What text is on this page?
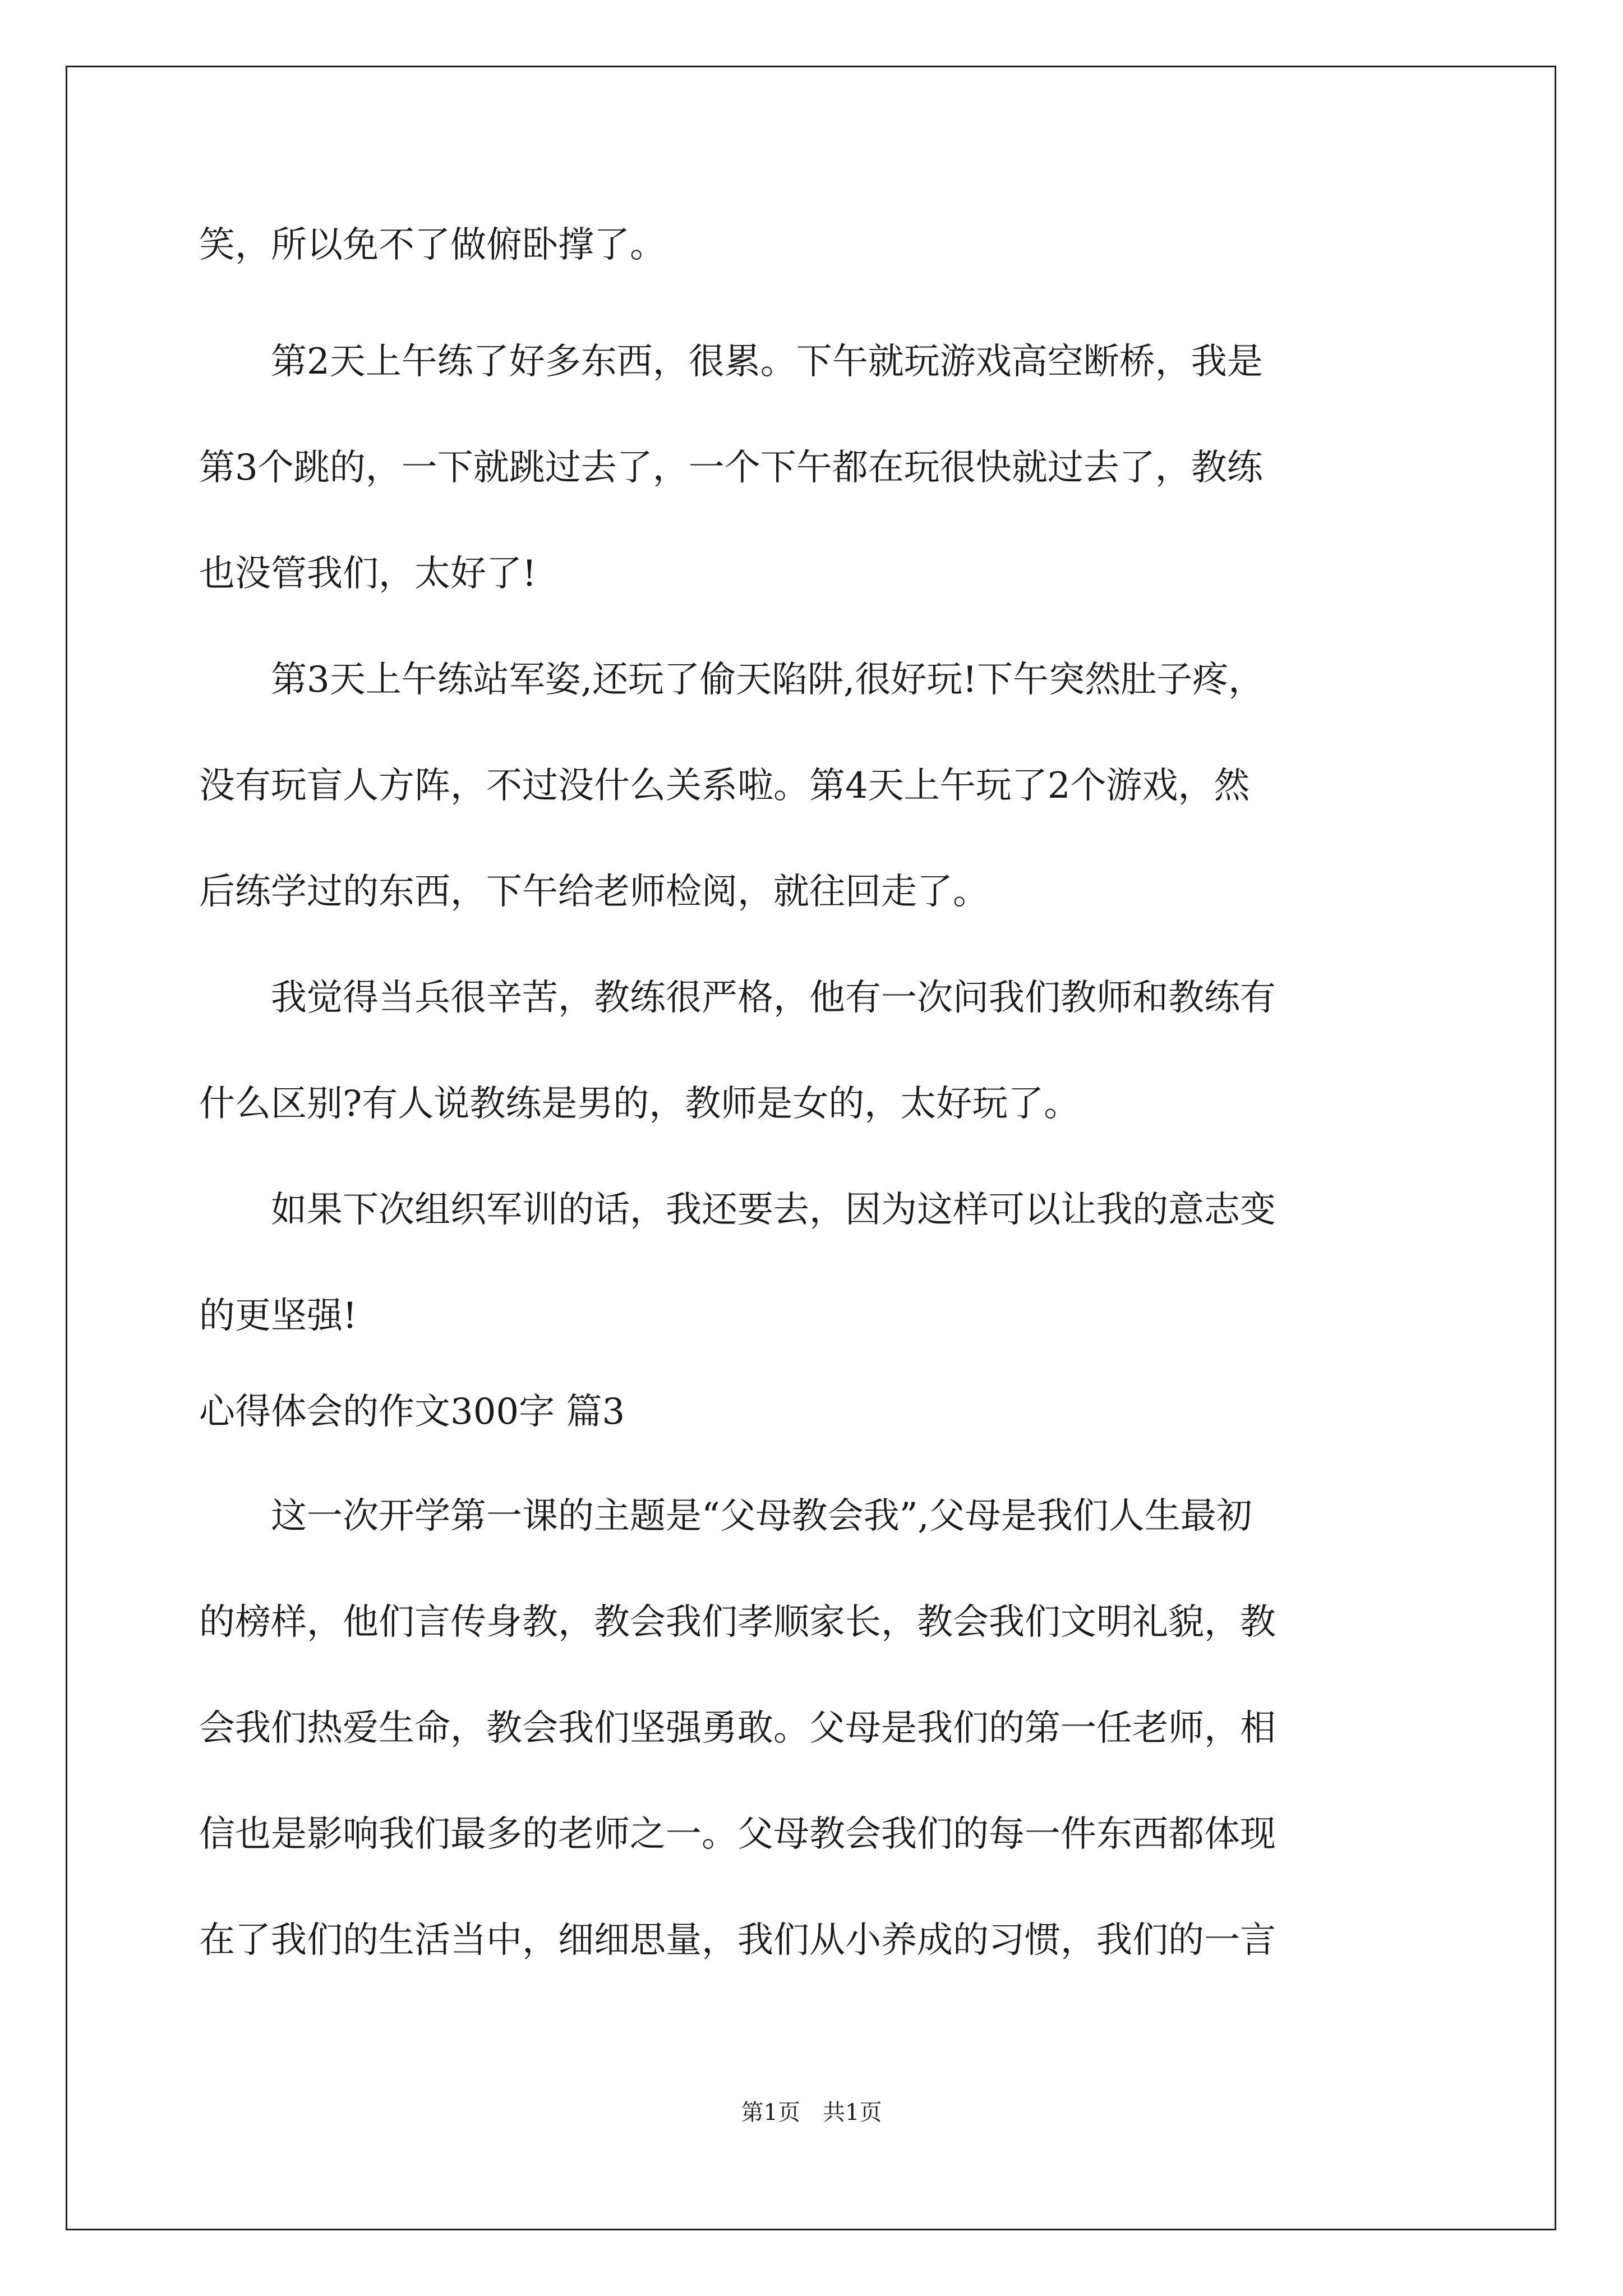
笑，所以免不了做俯卧撑了。
　　第2天上午练了好多东西，很累。下午就玩游戏高空断桥，我是
第3个跳的，一下就跳过去了，一个下午都在玩很快就过去了，教练
也没管我们，太好了!
　　第3天上午练站军姿,还玩了偷天陷阱,很好玩!下午突然肚子疼，
没有玩盲人方阵，不过没什么关系啦。第4天上午玩了2个游戏，然
后练学过的东西，下午给老师检阅，就往回走了。
　　我觉得当兵很辛苦，教练很严格，他有一次问我们教师和教练有
什么区别?有人说教练是男的，教师是女的，太好玩了。
　　如果下次组织军训的话，我还要去，因为这样可以让我的意志变
的更坚强!
心得体会的作文300字 篇3
　　这一次开学第一课的主题是“父母教会我”,父母是我们人生最初
的榜样，他们言传身教，教会我们孝顺家长，教会我们文明礼貌，教
会我们热爱生命，教会我们坚强勇敢。父母是我们的第一任老师，相
信也是影响我们最多的老师之一。父母教会我们的每一件东西都体现
在了我们的生活当中，细细思量，我们从小养成的习惯，我们的一言
第1页　共1页
